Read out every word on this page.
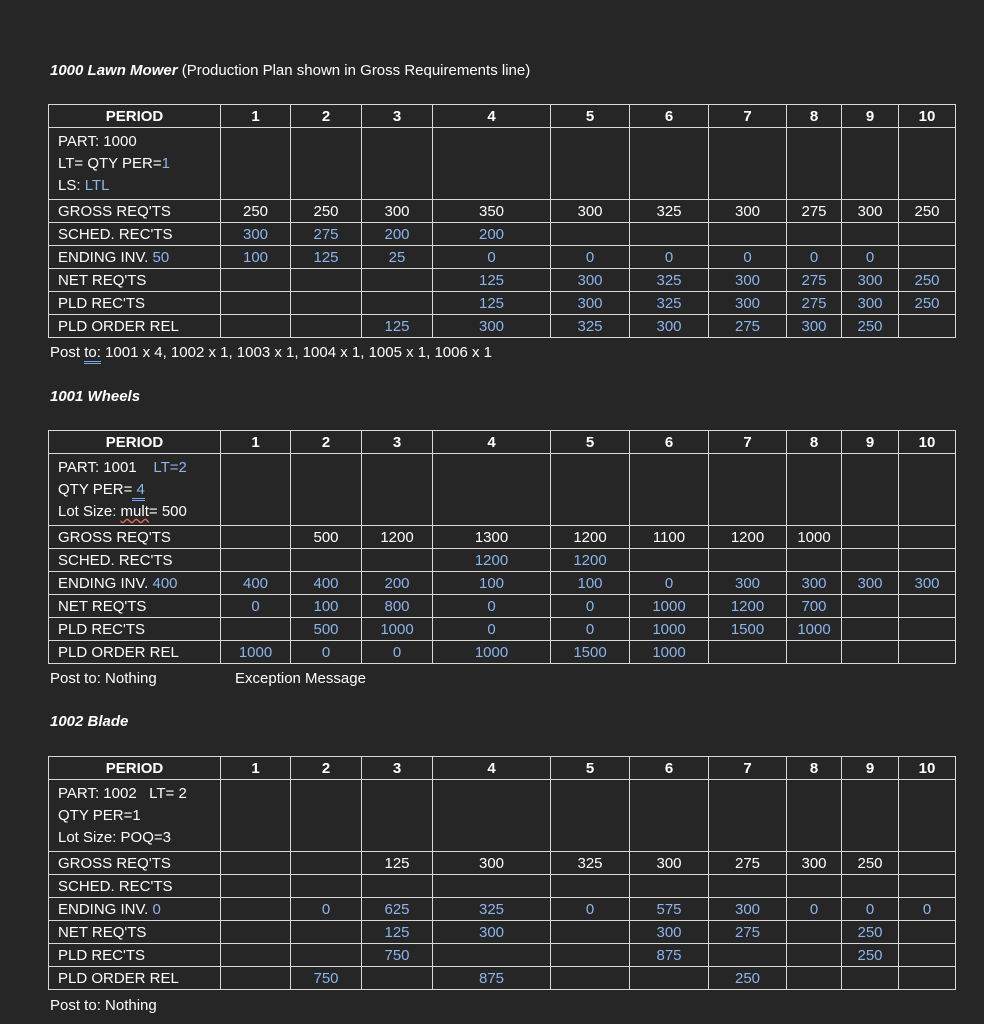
1000 Lawn Mower (Production Plan shown in Gross Requirements line)
PERIOD	1	2	3	4	5	6	7	8	9	10

PART: 1000
LT= QTY PER=1
LS: LTL										

GROSS REQ'TS	250	250	300	350	300	325	300	275	300	250
SCHED. REC'TS	300	275	200	200						
ENDING INV. 50	100	125	25	0	0	0	0	0	0	
NET REQ'TS				125	300	325	300	275	300	250
PLD REC'TS				125	300	325	300	275	300	250
PLD ORDER REL			125	300	325	300	275	300	250	
Post to: 1001 x 4, 1002 x 1, 1003 x 1, 1004 x 1, 1005 x 1, 1006 x 1
1001 Wheels
PERIOD	1	2	3	4	5	6	7	8	9	10

PART: 1001    LT=2
QTY PER= 4
Lot Size: mult= 500										

GROSS REQ'TS		500	1200	1300	1200	1100	1200	1000		
SCHED. REC'TS				1200	1200					
ENDING INV. 400	400	400	200	100	100	0	300	300	300	300
NET REQ'TS	0	100	800	0	0	1000	1200	700		
PLD REC'TS		500	1000	0	0	1000	1500	1000		
PLD ORDER REL	1000	0	0	1000	1500	1000				
Post to: Nothing	Exception Message
1002 Blade
PERIOD	1	2	3	4	5	6	7	8	9	10

PART: 1002   LT= 2
QTY PER=1
Lot Size: POQ=3										

GROSS REQ'TS			125	300	325	300	275	300	250	
SCHED. REC'TS										
ENDING INV. 0		0	625	325	0	575	300	0	0	0
NET REQ'TS			125	300		300	275		250	
PLD REC'TS			750			875			250	
PLD ORDER REL		750		875			250			
Post to: Nothing
